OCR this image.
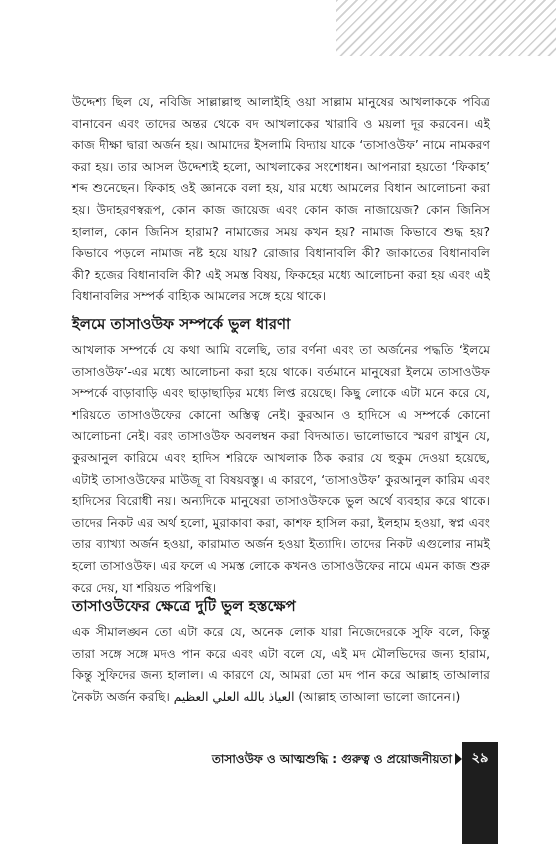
উদ্দেশ্য ছিল যে, নবিজি সাল্লাল্লাহু আলাইহি ওয়া সাল্লাম মানুষের আখলাককে পবিত্র বানাবেন এবং তাদের অন্তর থেকে বদ আখলাকের খারাবি ও ময়লা দূর করবেন। এই কাজ দীক্ষা দ্বারা অর্জন হয়। আমাদের ইসলামি বিদ্যায় যাকে ‘তাসাওউফ’ নামে নামকরণ করা হয়। তার আসল উদ্দেশ্যই হলো, আখলাকের সংশোধন। আপনারা হয়তো ‘ফিকাহ’ শব্দ শুনেছেন। ফিকাহ ওই জ্ঞানকে বলা হয়, যার মধ্যে আমলের বিধান আলোচনা করা হয়। উদাহরণস্বরূপ, কোন কাজ জায়েজ এবং কোন কাজ নাজায়েজ? কোন জিনিস হালাল, কোন জিনিস হারাম? নামাজের সময় কখন হয়? নামাজ কিভাবে শুদ্ধ হয়? কিভাবে পড়লে নামাজ নষ্ট হয়ে যায়? রোজার বিধানাবলি কী? জাকাতের বিধানাবলি কী? হজের বিধানাবলি কী? এই সমস্ত বিষয়, ফিকহের মধ্যে আলোচনা করা হয় এবং এই বিধানাবলির সম্পর্ক বাহ্যিক আমলের সঙ্গে হয়ে থাকে।

ইলমে তাসাওউফ সম্পর্কে ভুল ধারণা

আখলাক সম্পর্কে যে কথা আমি বলেছি, তার বর্ণনা এবং তা অর্জনের পদ্ধতি ‘ইলমে তাসাওউফ’-এর মধ্যে আলোচনা করা হয়ে থাকে। বর্তমানে মানুষেরা ইলমে তাসাওউফ সম্পর্কে বাড়াবাড়ি এবং ছাড়াছাড়ির মধ্যে লিপ্ত রয়েছে। কিছু লোকে এটা মনে করে যে, শরিয়তে তাসাওউফের কোনো অস্তিত্ব নেই। কুরআন ও হাদিসে এ সম্পর্কে কোনো আলোচনা নেই। বরং তাসাওউফ অবলম্বন করা বিদআত। ভালোভাবে স্মরণ রাখুন যে, কুরআনুল কারিমে এবং হাদিস শরিফে আখলাক ঠিক করার যে হুকুম দেওয়া হয়েছে, এটাই তাসাওউফের মাউজূ বা বিষয়বস্তু। এ কারণে, ‘তাসাওউফ’ কুরআনুল কারিম এবং হাদিসের বিরোধী নয়। অন্যদিকে মানুষেরা তাসাওউফকে ভুল অর্থে ব্যবহার করে থাকে। তাদের নিকট এর অর্থ হলো, মুরাকাবা করা, কাশফ হাসিল করা, ইলহাম হওয়া, স্বপ্ন এবং তার ব্যাখ্যা অর্জন হওয়া, কারামাত অর্জন হওয়া ইত্যাদি। তাদের নিকট এগুলোর নামই হলো তাসাওউফ। এর ফলে এ সমস্ত লোকে কখনও তাসাওউফের নামে এমন কাজ শুরু করে দেয়, যা শরিয়ত পরিপন্থি।

তাসাওউফের ক্ষেত্রে দুটি ভুল হস্তক্ষেপ

এক সীমালঙ্ঘন তো এটা করে যে, অনেক লোক যারা নিজেদেরকে সুফি বলে, কিন্তু তারা সঙ্গে সঙ্গে মদও পান করে এবং এটা বলে যে, এই মদ মৌলভিদের জন্য হারাম, কিন্তু সুফিদের জন্য হালাল। এ কারণে যে, আমরা তো মদ পান করে আল্লাহ তাআলার নৈকট্য অর্জন করছি। العياذ بالله العلي العظيم (আল্লাহ তাআলা ভালো জানেন।)

তাসাওউফ ও আত্মশুদ্ধি : গুরুত্ব ও প্রয়োজনীয়তা	২৯
